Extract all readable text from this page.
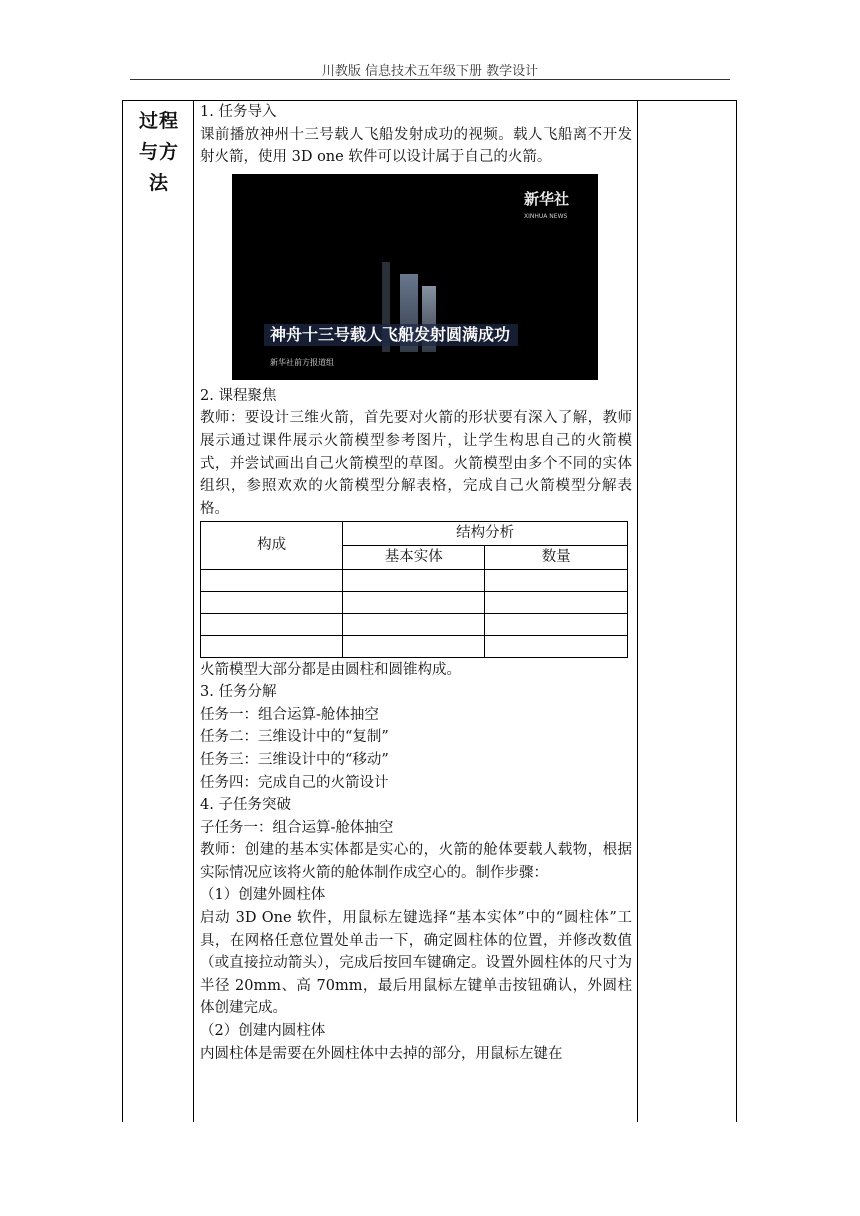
川教版 信息技术五年级下册 教学设计
过程
与方
法

1. 任务导入

课前播放神州十三号载人飞船发射成功的视频。载人飞船离不开发射火箭，使用 3D one 软件可以设计属于自己的火箭。

新华社
XINHUA NEWS
神舟十三号载人飞船发射圆满成功
新华社前方报道组

2. 课程聚焦

教师：要设计三维火箭，首先要对火箭的形状要有深入了解，教师展示通过课件展示火箭模型参考图片，让学生构思自己的火箭模式，并尝试画出自己火箭模型的草图。火箭模型由多个不同的实体组织，参照欢欢的火箭模型分解表格，完成自己火箭模型分解表格。

构成	结构分析	
	基本实体	数量

火箭模型大部分都是由圆柱和圆锥构成。

3. 任务分解

任务一：组合运算-舱体抽空

任务二：三维设计中的“复制”

任务三：三维设计中的“移动”

任务四：完成自己的火箭设计

4. 子任务突破

子任务一：组合运算-舱体抽空

教师：创建的基本实体都是实心的，火箭的舱体要载人载物，根据实际情况应该将火箭的舱体制作成空心的。制作步骤：

（1）创建外圆柱体

启动 3D One 软件，用鼠标左键选择“基本实体”中的“圆柱体”工具，在网格任意位置处单击一下，确定圆柱体的位置，并修改数值（或直接拉动箭头），完成后按回车键确定。设置外圆柱体的尺寸为半径 20mm、高 70mm，最后用鼠标左键单击按钮确认，外圆柱体创建完成。

（2）创建内圆柱体

内圆柱体是需要在外圆柱体中去掉的部分，用鼠标左键在
